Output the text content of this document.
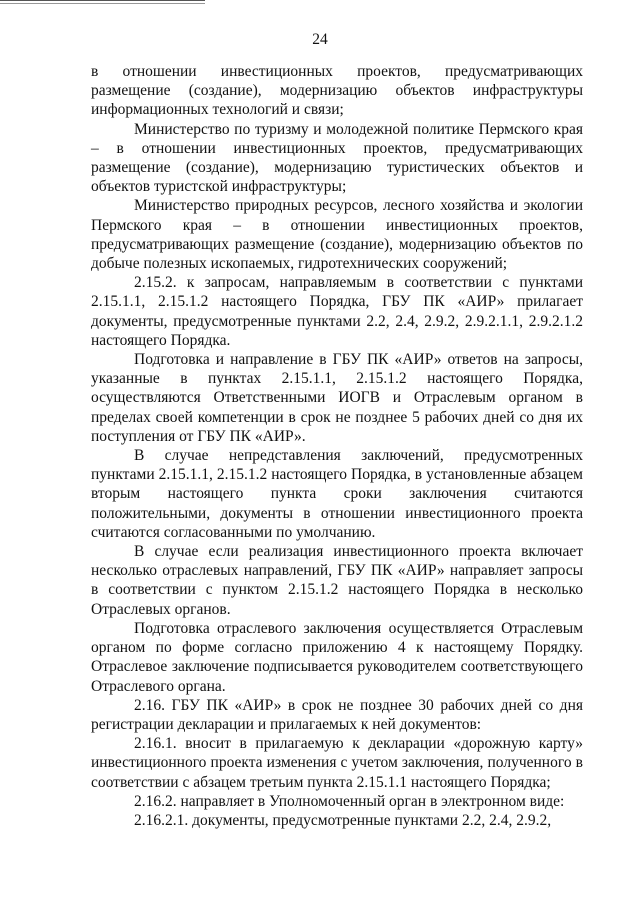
24

в отношении инвестиционных проектов, предусматривающих размещение (создание), модернизацию объектов инфраструктуры информационных технологий и связи;

Министерство по туризму и молодежной политике Пермского края – в отношении инвестиционных проектов, предусматривающих размещение (создание), модернизацию туристических объектов и объектов туристской инфраструктуры;

Министерство природных ресурсов, лесного хозяйства и экологии Пермского края – в отношении инвестиционных проектов, предусматривающих размещение (создание), модернизацию объектов по добыче полезных ископаемых, гидротехнических сооружений;

2.15.2. к запросам, направляемым в соответствии с пунктами 2.15.1.1, 2.15.1.2 настоящего Порядка, ГБУ ПК «АИР» прилагает документы, предусмотренные пунктами 2.2, 2.4, 2.9.2, 2.9.2.1.1, 2.9.2.1.2 настоящего Порядка.

Подготовка и направление в ГБУ ПК «АИР» ответов на запросы, указанные в пунктах 2.15.1.1, 2.15.1.2 настоящего Порядка, осуществляются Ответственными ИОГВ и Отраслевым органом в пределах своей компетенции в срок не позднее 5 рабочих дней со дня их поступления от ГБУ ПК «АИР».

В случае непредставления заключений, предусмотренных пунктами 2.15.1.1, 2.15.1.2 настоящего Порядка, в установленные абзацем вторым настоящего пункта сроки заключения считаются положительными, документы в отношении инвестиционного проекта считаются согласованными по умолчанию.

В случае если реализация инвестиционного проекта включает несколько отраслевых направлений, ГБУ ПК «АИР» направляет запросы в соответствии с пунктом 2.15.1.2 настоящего Порядка в несколько Отраслевых органов.

Подготовка отраслевого заключения осуществляется Отраслевым органом по форме согласно приложению 4 к настоящему Порядку. Отраслевое заключение подписывается руководителем соответствующего Отраслевого органа.

2.16. ГБУ ПК «АИР» в срок не позднее 30 рабочих дней со дня регистрации декларации и прилагаемых к ней документов:

2.16.1. вносит в прилагаемую к декларации «дорожную карту» инвестиционного проекта изменения с учетом заключения, полученного в соответствии с абзацем третьим пункта 2.15.1.1 настоящего Порядка;

2.16.2. направляет в Уполномоченный орган в электронном виде:

2.16.2.1. документы, предусмотренные пунктами 2.2, 2.4, 2.9.2,
